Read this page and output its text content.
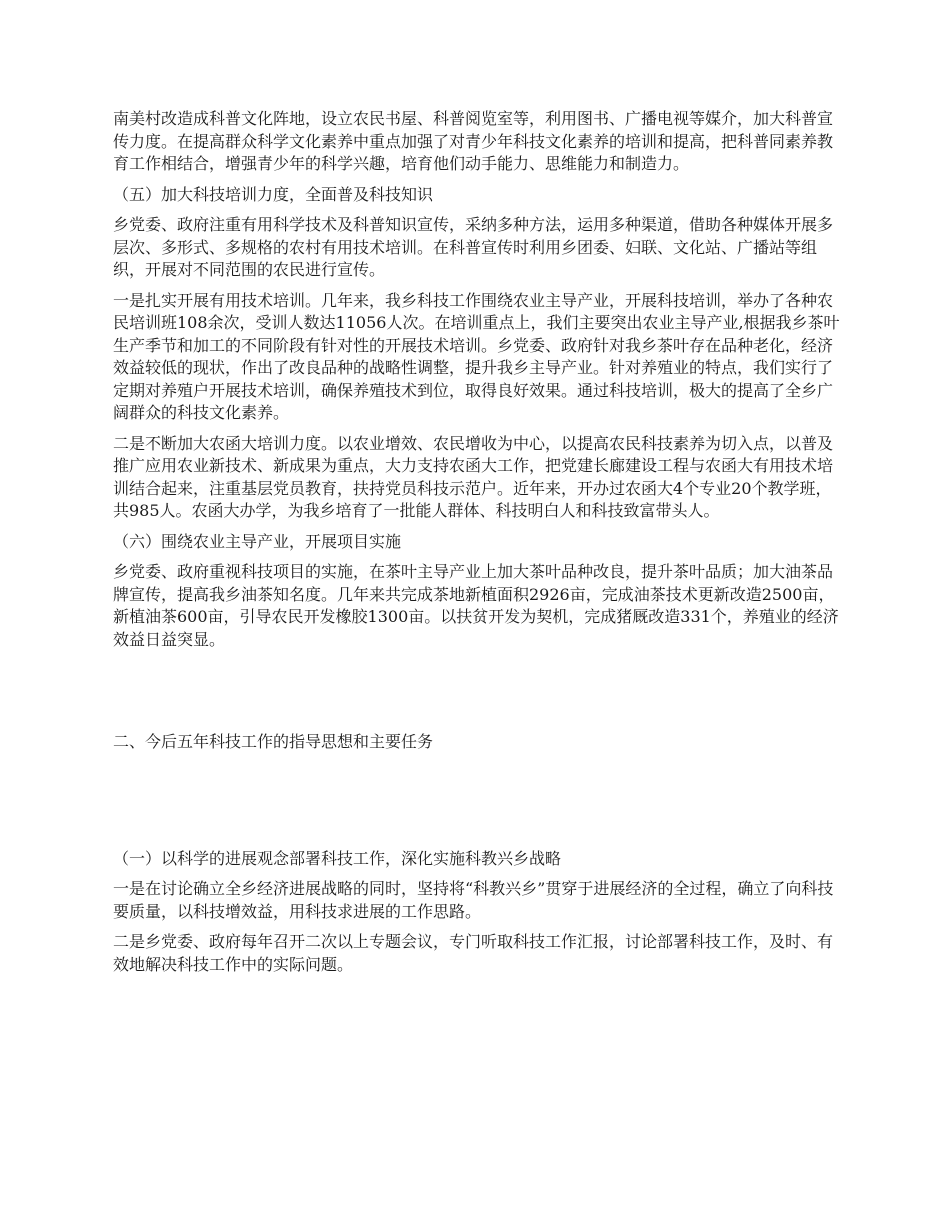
南美村改造成科普文化阵地，设立农民书屋、科普阅览室等，利用图书、广播电视等媒介，加大科普宣传力度。在提高群众科学文化素养中重点加强了对青少年科技文化素养的培训和提高，把科普同素养教育工作相结合，增强青少年的科学兴趣，培育他们动手能力、思维能力和制造力。

（五）加大科技培训力度，全面普及科技知识

乡党委、政府注重有用科学技术及科普知识宣传，采纳多种方法，运用多种渠道，借助各种媒体开展多层次、多形式、多规格的农村有用技术培训。在科普宣传时利用乡团委、妇联、文化站、广播站等组织，开展对不同范围的农民进行宣传。

一是扎实开展有用技术培训。几年来，我乡科技工作围绕农业主导产业，开展科技培训，举办了各种农民培训班108余次，受训人数达11056人次。在培训重点上，我们主要突出农业主导产业,根据我乡茶叶生产季节和加工的不同阶段有针对性的开展技术培训。乡党委、政府针对我乡茶叶存在品种老化，经济效益较低的现状，作出了改良品种的战略性调整，提升我乡主导产业。针对养殖业的特点，我们实行了定期对养殖户开展技术培训，确保养殖技术到位，取得良好效果。通过科技培训，极大的提高了全乡广阔群众的科技文化素养。

二是不断加大农函大培训力度。以农业增效、农民增收为中心，以提高农民科技素养为切入点，以普及推广应用农业新技术、新成果为重点，大力支持农函大工作，把党建长廊建设工程与农函大有用技术培训结合起来，注重基层党员教育，扶持党员科技示范户。近年来，开办过农函大4个专业20个教学班，共985人。农函大办学，为我乡培育了一批能人群体、科技明白人和科技致富带头人。

（六）围绕农业主导产业，开展项目实施

乡党委、政府重视科技项目的实施，在茶叶主导产业上加大茶叶品种改良，提升茶叶品质；加大油茶品牌宣传，提高我乡油茶知名度。几年来共完成茶地新植面积2926亩，完成油茶技术更新改造2500亩，新植油茶600亩，引导农民开发橡胶1300亩。以扶贫开发为契机，完成猪厩改造331个，养殖业的经济效益日益突显。

二、今后五年科技工作的指导思想和主要任务

（一）以科学的进展观念部署科技工作，深化实施科教兴乡战略

一是在讨论确立全乡经济进展战略的同时，坚持将“科教兴乡”贯穿于进展经济的全过程，确立了向科技要质量，以科技增效益，用科技求进展的工作思路。

二是乡党委、政府每年召开二次以上专题会议，专门听取科技工作汇报，讨论部署科技工作，及时、有效地解决科技工作中的实际问题。
